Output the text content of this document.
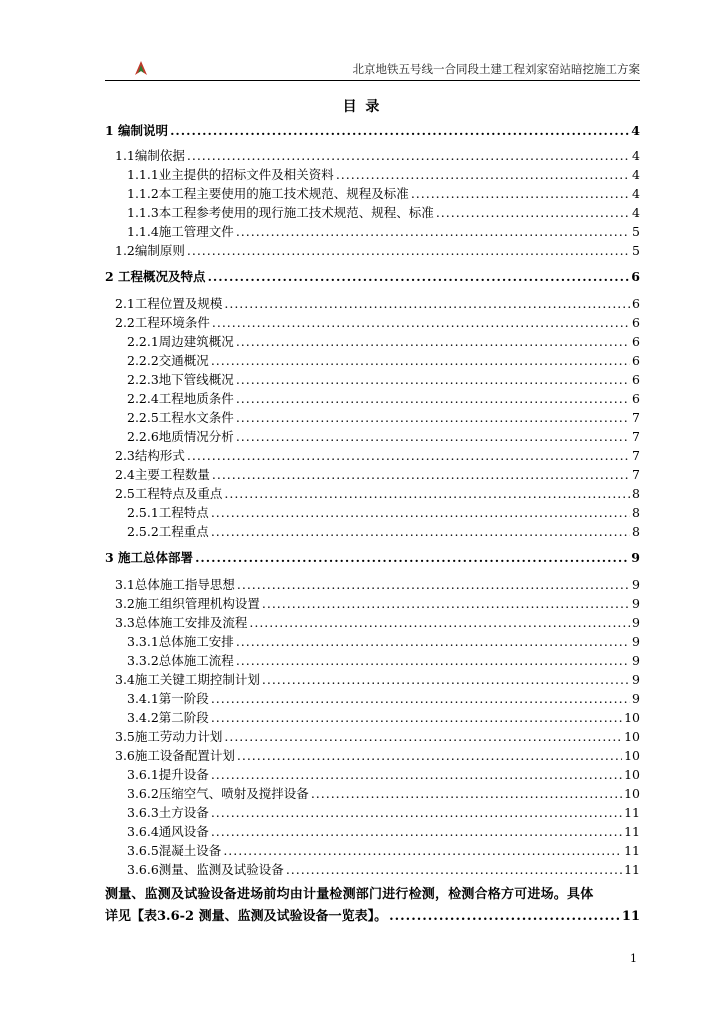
北京地铁五号线一合同段土建工程刘家窑站暗挖施工方案
目 录
1 编制说明 .....	4
1.1编制依据 .....	4
1.1.1业主提供的招标文件及相关资料 .....	4
1.1.2本工程主要使用的施工技术规范、规程及标准 .....	4
1.1.3本工程参考使用的现行施工技术规范、规程、标准 .....	4
1.1.4施工管理文件 .....	5
1.2编制原则 .....	5
2 工程概况及特点 .....	6
2.1工程位置及规模 .....	6
2.2工程环境条件 .....	6
2.2.1周边建筑概况 .....	6
2.2.2交通概况 .....	6
2.2.3地下管线概况 .....	6
2.2.4工程地质条件 .....	6
2.2.5工程水文条件 .....	7
2.2.6地质情况分析 .....	7
2.3结构形式 .....	7
2.4主要工程数量 .....	7
2.5工程特点及重点 .....	8
2.5.1工程特点 .....	8
2.5.2工程重点 .....	8
3 施工总体部署 .....	9
3.1总体施工指导思想 .....	9
3.2施工组织管理机构设置 .....	9
3.3总体施工安排及流程 .....	9
3.3.1总体施工安排 .....	9
3.3.2总体施工流程 .....	9
3.4施工关键工期控制计划 .....	9
3.4.1第一阶段 .....	9
3.4.2第二阶段 .....	10
3.5施工劳动力计划 .....	10
3.6施工设备配置计划 .....	10
3.6.1提升设备 .....	10
3.6.2压缩空气、喷射及搅拌设备 .....	10
3.6.3土方设备 .....	11
3.6.4通风设备 .....	11
3.6.5混凝土设备 .....	11
3.6.6测量、监测及试验设备 .....	11
测量、监测及试验设备进场前均由计量检测部门进行检测，检测合格方可进场。具体
详见【表3.6-2 测量、监测及试验设备一览表】。 .....	11
1
